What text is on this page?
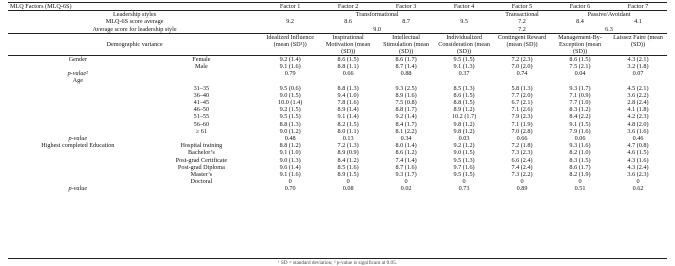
MLQ Factors (MLQ-6S)		Factor 1	Factor 2	Factor 3	Factor 4	Factor 5	Factor 6	Factor 7
Leadership styles		Transformational				Transactional	Passive/Avoidant	
MLQ-6S score average		9.2	8.6	8.7	9.5	7.2	8.4	4.1
Average score for leadership style		9.0				7.2	6.3	
Demographic variance		Idealized Influence (mean (SD¹))	Inspirational Motivation (mean (SD))	Intellectual Stimulation (mean (SD))	Individualized Consideration (mean (SD))	Contingent Reward (mean (SD))	Management-By-Exception (mean (SD))	Laissez Faire (mean (SD))
Gender	Female	9.2 (1.4)	8.6 (1.5)	8.6 (1.7)	9.5 (1.5)	7.2 (2.3)	8.6 (1.5)	4.3 (2.1)
	Male	9.1 (1.6)	8.8 (1.1)	8.7 (1.4)	9.1 (1.3)	7.0 (2.0)	7.5 (2.1)	3.2 (1.8)
p-value²		0.79	0.66	0.88	0.37	0.74	0.04	0.07
Age								
	31–35	9.5 (0.6)	8.8 (1.3)	9.3 (2.5)	8.5 (1.3)	5.8 (1.3)	9.3 (1.7)	4.5 (2.1)
	36–40	9.0 (1.5)	9.4 (1.0)	8.9 (1.6)	8.6 (1.5)	7.7 (2.0)	7.1 (0.9)	3.6 (2.2)
	41–45	10.0 (1.4)	7.8 (1.6)	7.5 (0.8)	8.8 (1.5)	6.7 (2.1)	7.7 (1.0)	2.8 (2.4)
	46–50	9.2 (1.5)	8.9 (1.4)	8.8 (1.7)	8.9 (1.2)	7.1 (2.6)	8.3 (1.2)	4.1 (1.8)
	51–55	9.5 (1.5)	9.1 (1.4)	9.2 (1.4)	10.2 (1.7)	7.9 (2.3)	8.4 (2.2)	4.2 (2.3)
	56–60	8.8 (1.3)	8.2 (1.5)	8.4 (1.7)	9.8 (1.2)	7.1 (1.9)	9.1 (1.5)	4.8 (2.0)
	≥ 61	9.0 (1.2)	8.0 (1.1)	8.1 (2.2)	9.8 (1.2)	7.0 (2.8)	7.9 (1.6)	3.6 (1.6)
p-value		0.48	0.13	0.34	0.03	0.66	0.06	0.46
Highest completed Education	Hospital training	8.8 (1.2)	7.2 (1.3)	8.0 (1.4)	9.2 (1.2)	7.2 (1.8)	9.3 (1.6)	4.7 (0.8)
	Bachelor’s	9.1 (1.0)	8.9 (0.9)	8.6 (1.2)	9.0 (1.5)	7.3 (2.3)	8.2 (1.0)	4.6 (1.5)
	Post-grad Certificate	9.0 (1.3)	8.4 (1.2)	7.4 (1.4)	9.5 (1.3)	6.6 (2.4)	8.3 (1.5)	4.3 (1.6)
	Post-grad Diploma	9.6 (1.4)	8.5 (1.6)	8.7 (1.6)	9.7 (1.6)	7.4 (2.4)	8.6 (1.7)	4.3 (2.4)
	Master’s	9.1 (1.6)	8.9 (1.5)	9.3 (1.7)	9.5 (1.5)	7.3 (2.2)	8.2 (1.9)	3.6 (2.3)
	Doctoral	0	0	0	0	0	0	0
p-value		0.70	0.08	0.02	0.73	0.89	0.51	0.62
¹ SD = standard deviation; ² p-value is significant at 0.05.
